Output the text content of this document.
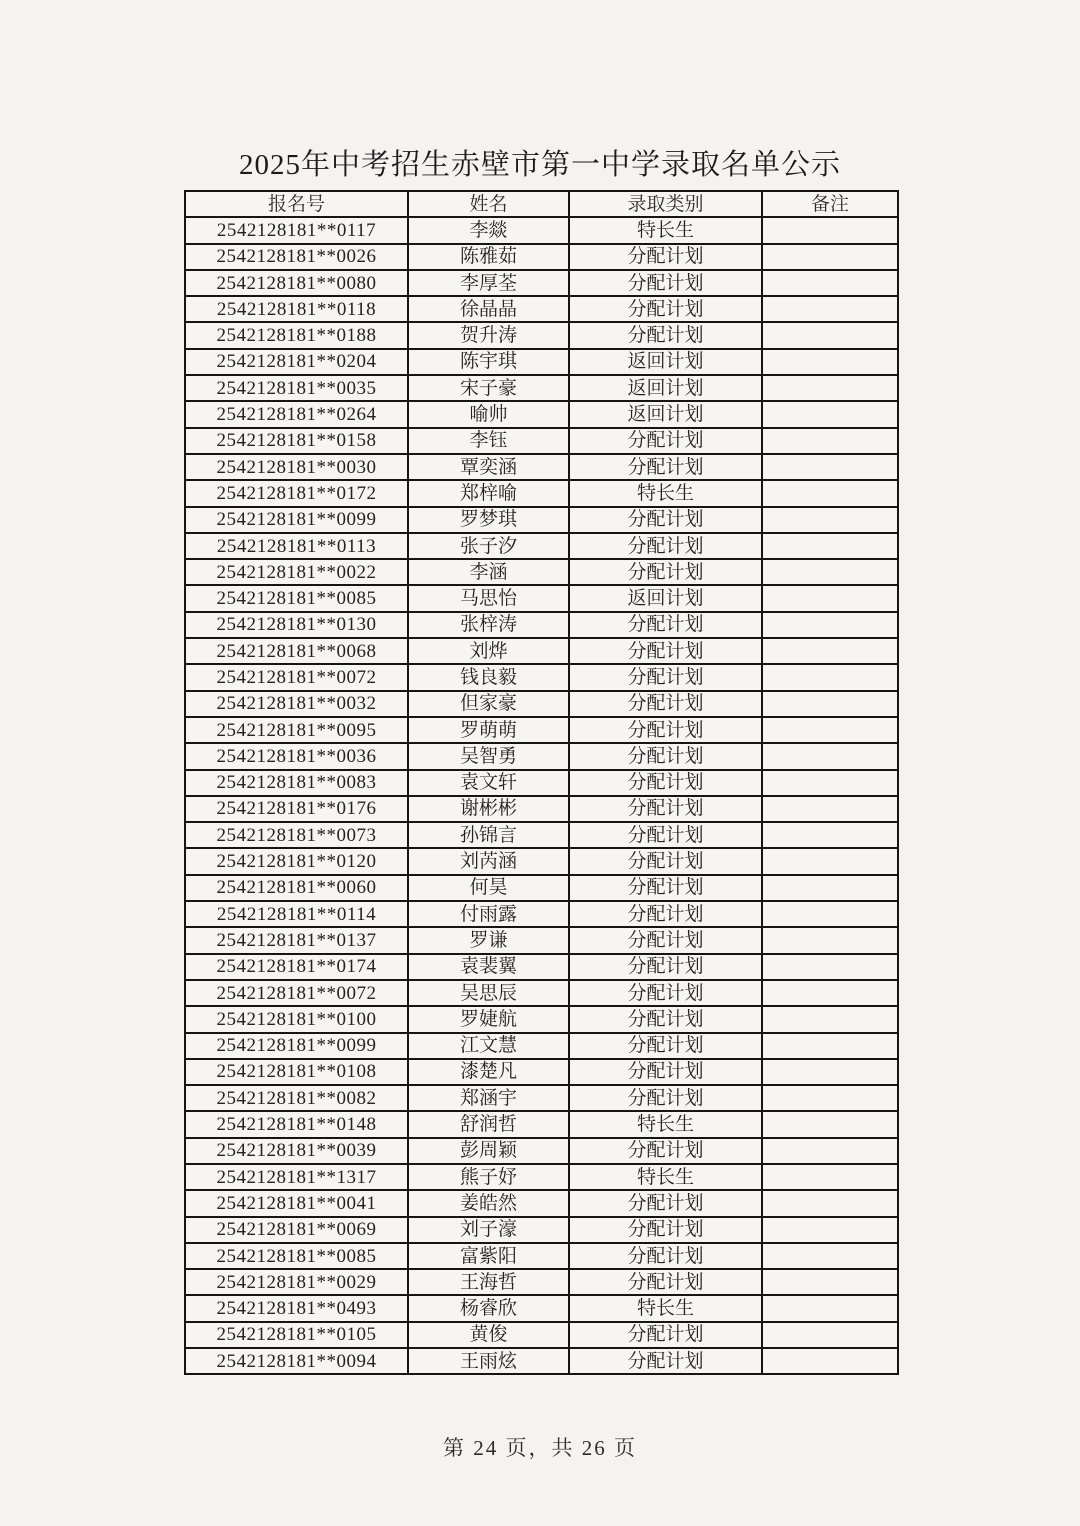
2025年中考招生赤壁市第一中学录取名单公示
报名号	姓名	录取类别	备注
2542128181**0117	李燚	特长生	
2542128181**0026	陈雅茹	分配计划	
2542128181**0080	李厚荃	分配计划	
2542128181**0118	徐晶晶	分配计划	
2542128181**0188	贺升涛	分配计划	
2542128181**0204	陈宇琪	返回计划	
2542128181**0035	宋子豪	返回计划	
2542128181**0264	喻帅	返回计划	
2542128181**0158	李钰	分配计划	
2542128181**0030	覃奕涵	分配计划	
2542128181**0172	郑梓喻	特长生	
2542128181**0099	罗梦琪	分配计划	
2542128181**0113	张子汐	分配计划	
2542128181**0022	李涵	分配计划	
2542128181**0085	马思怡	返回计划	
2542128181**0130	张梓涛	分配计划	
2542128181**0068	刘烨	分配计划	
2542128181**0072	钱良毅	分配计划	
2542128181**0032	但家豪	分配计划	
2542128181**0095	罗萌萌	分配计划	
2542128181**0036	吴智勇	分配计划	
2542128181**0083	袁文轩	分配计划	
2542128181**0176	谢彬彬	分配计划	
2542128181**0073	孙锦言	分配计划	
2542128181**0120	刘芮涵	分配计划	
2542128181**0060	何昊	分配计划	
2542128181**0114	付雨露	分配计划	
2542128181**0137	罗谦	分配计划	
2542128181**0174	袁裴翼	分配计划	
2542128181**0072	吴思辰	分配计划	
2542128181**0100	罗婕航	分配计划	
2542128181**0099	江文慧	分配计划	
2542128181**0108	漆楚凡	分配计划	
2542128181**0082	郑涵宇	分配计划	
2542128181**0148	舒润哲	特长生	
2542128181**0039	彭周颖	分配计划	
2542128181**1317	熊子妤	特长生	
2542128181**0041	姜皓然	分配计划	
2542128181**0069	刘子濠	分配计划	
2542128181**0085	富紫阳	分配计划	
2542128181**0029	王海哲	分配计划	
2542128181**0493	杨睿欣	特长生	
2542128181**0105	黄俊	分配计划	
2542128181**0094	王雨炫	分配计划	
第 24 页，共 26 页
